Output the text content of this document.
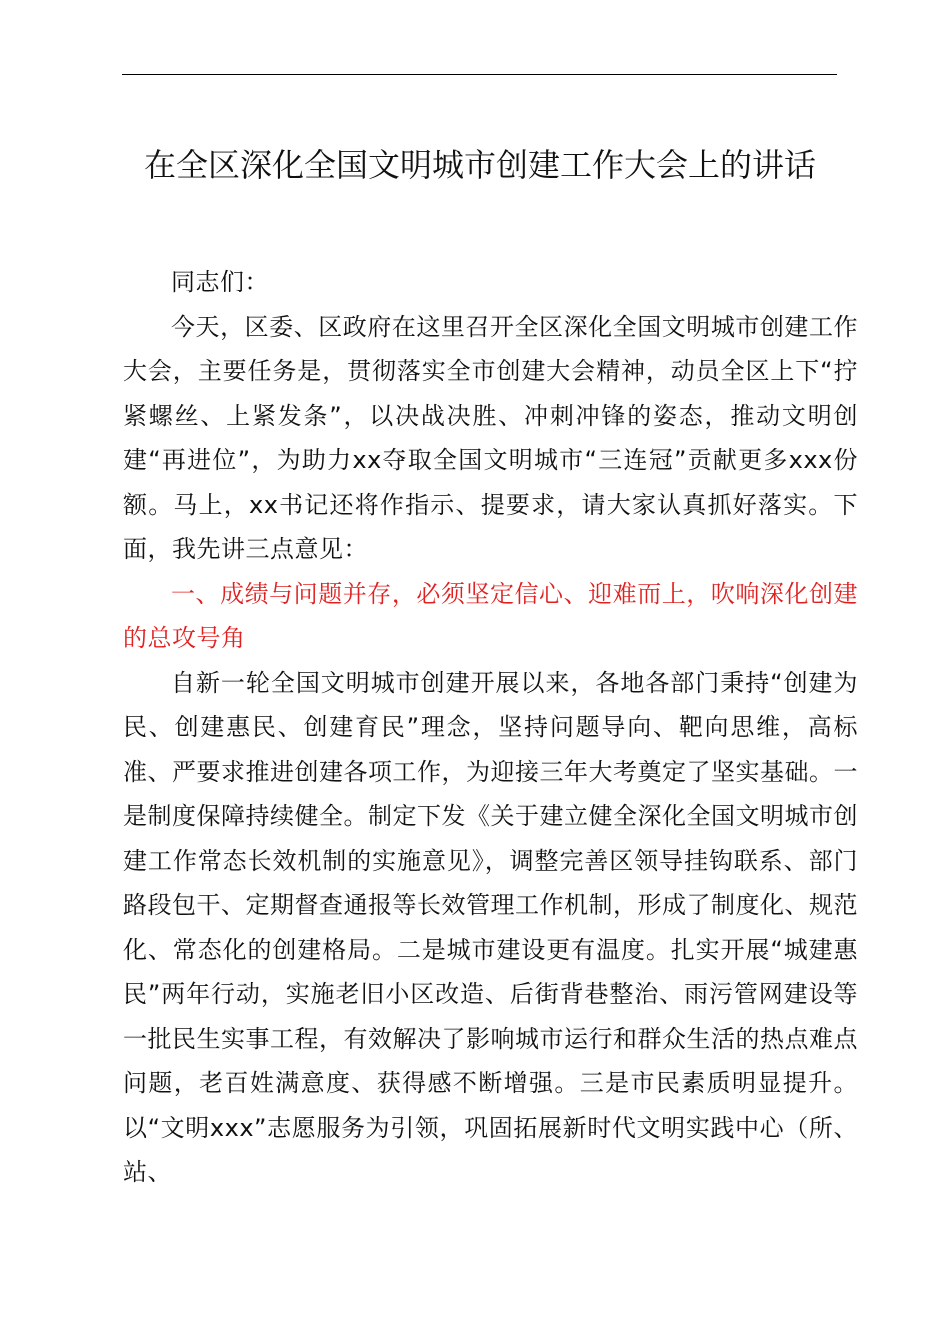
在全区深化全国文明城市创建工作大会上的讲话

同志们：

今天，区委、区政府在这里召开全区深化全国文明城市创建工作大会，主要任务是，贯彻落实全市创建大会精神，动员全区上下“拧紧螺丝、上紧发条”，以决战决胜、冲刺冲锋的姿态，推动文明创建“再进位”，为助力xx夺取全国文明城市“三连冠”贡献更多xxx份额。马上，xx书记还将作指示、提要求，请大家认真抓好落实。下面，我先讲三点意见：

一、成绩与问题并存，必须坚定信心、迎难而上，吹响深化创建的总攻号角

自新一轮全国文明城市创建开展以来，各地各部门秉持“创建为民、创建惠民、创建育民”理念，坚持问题导向、靶向思维，高标准、严要求推进创建各项工作，为迎接三年大考奠定了坚实基础。一是制度保障持续健全。制定下发《关于建立健全深化全国文明城市创建工作常态长效机制的实施意见》，调整完善区领导挂钩联系、部门路段包干、定期督查通报等长效管理工作机制，形成了制度化、规范化、常态化的创建格局。二是城市建设更有温度。扎实开展“城建惠民”两年行动，实施老旧小区改造、后街背巷整治、雨污管网建设等一批民生实事工程，有效解决了影响城市运行和群众生活的热点难点问题，老百姓满意度、获得感不断增强。三是市民素质明显提升。以“文明xxx”志愿服务为引领，巩固拓展新时代文明实践中心（所、站、
